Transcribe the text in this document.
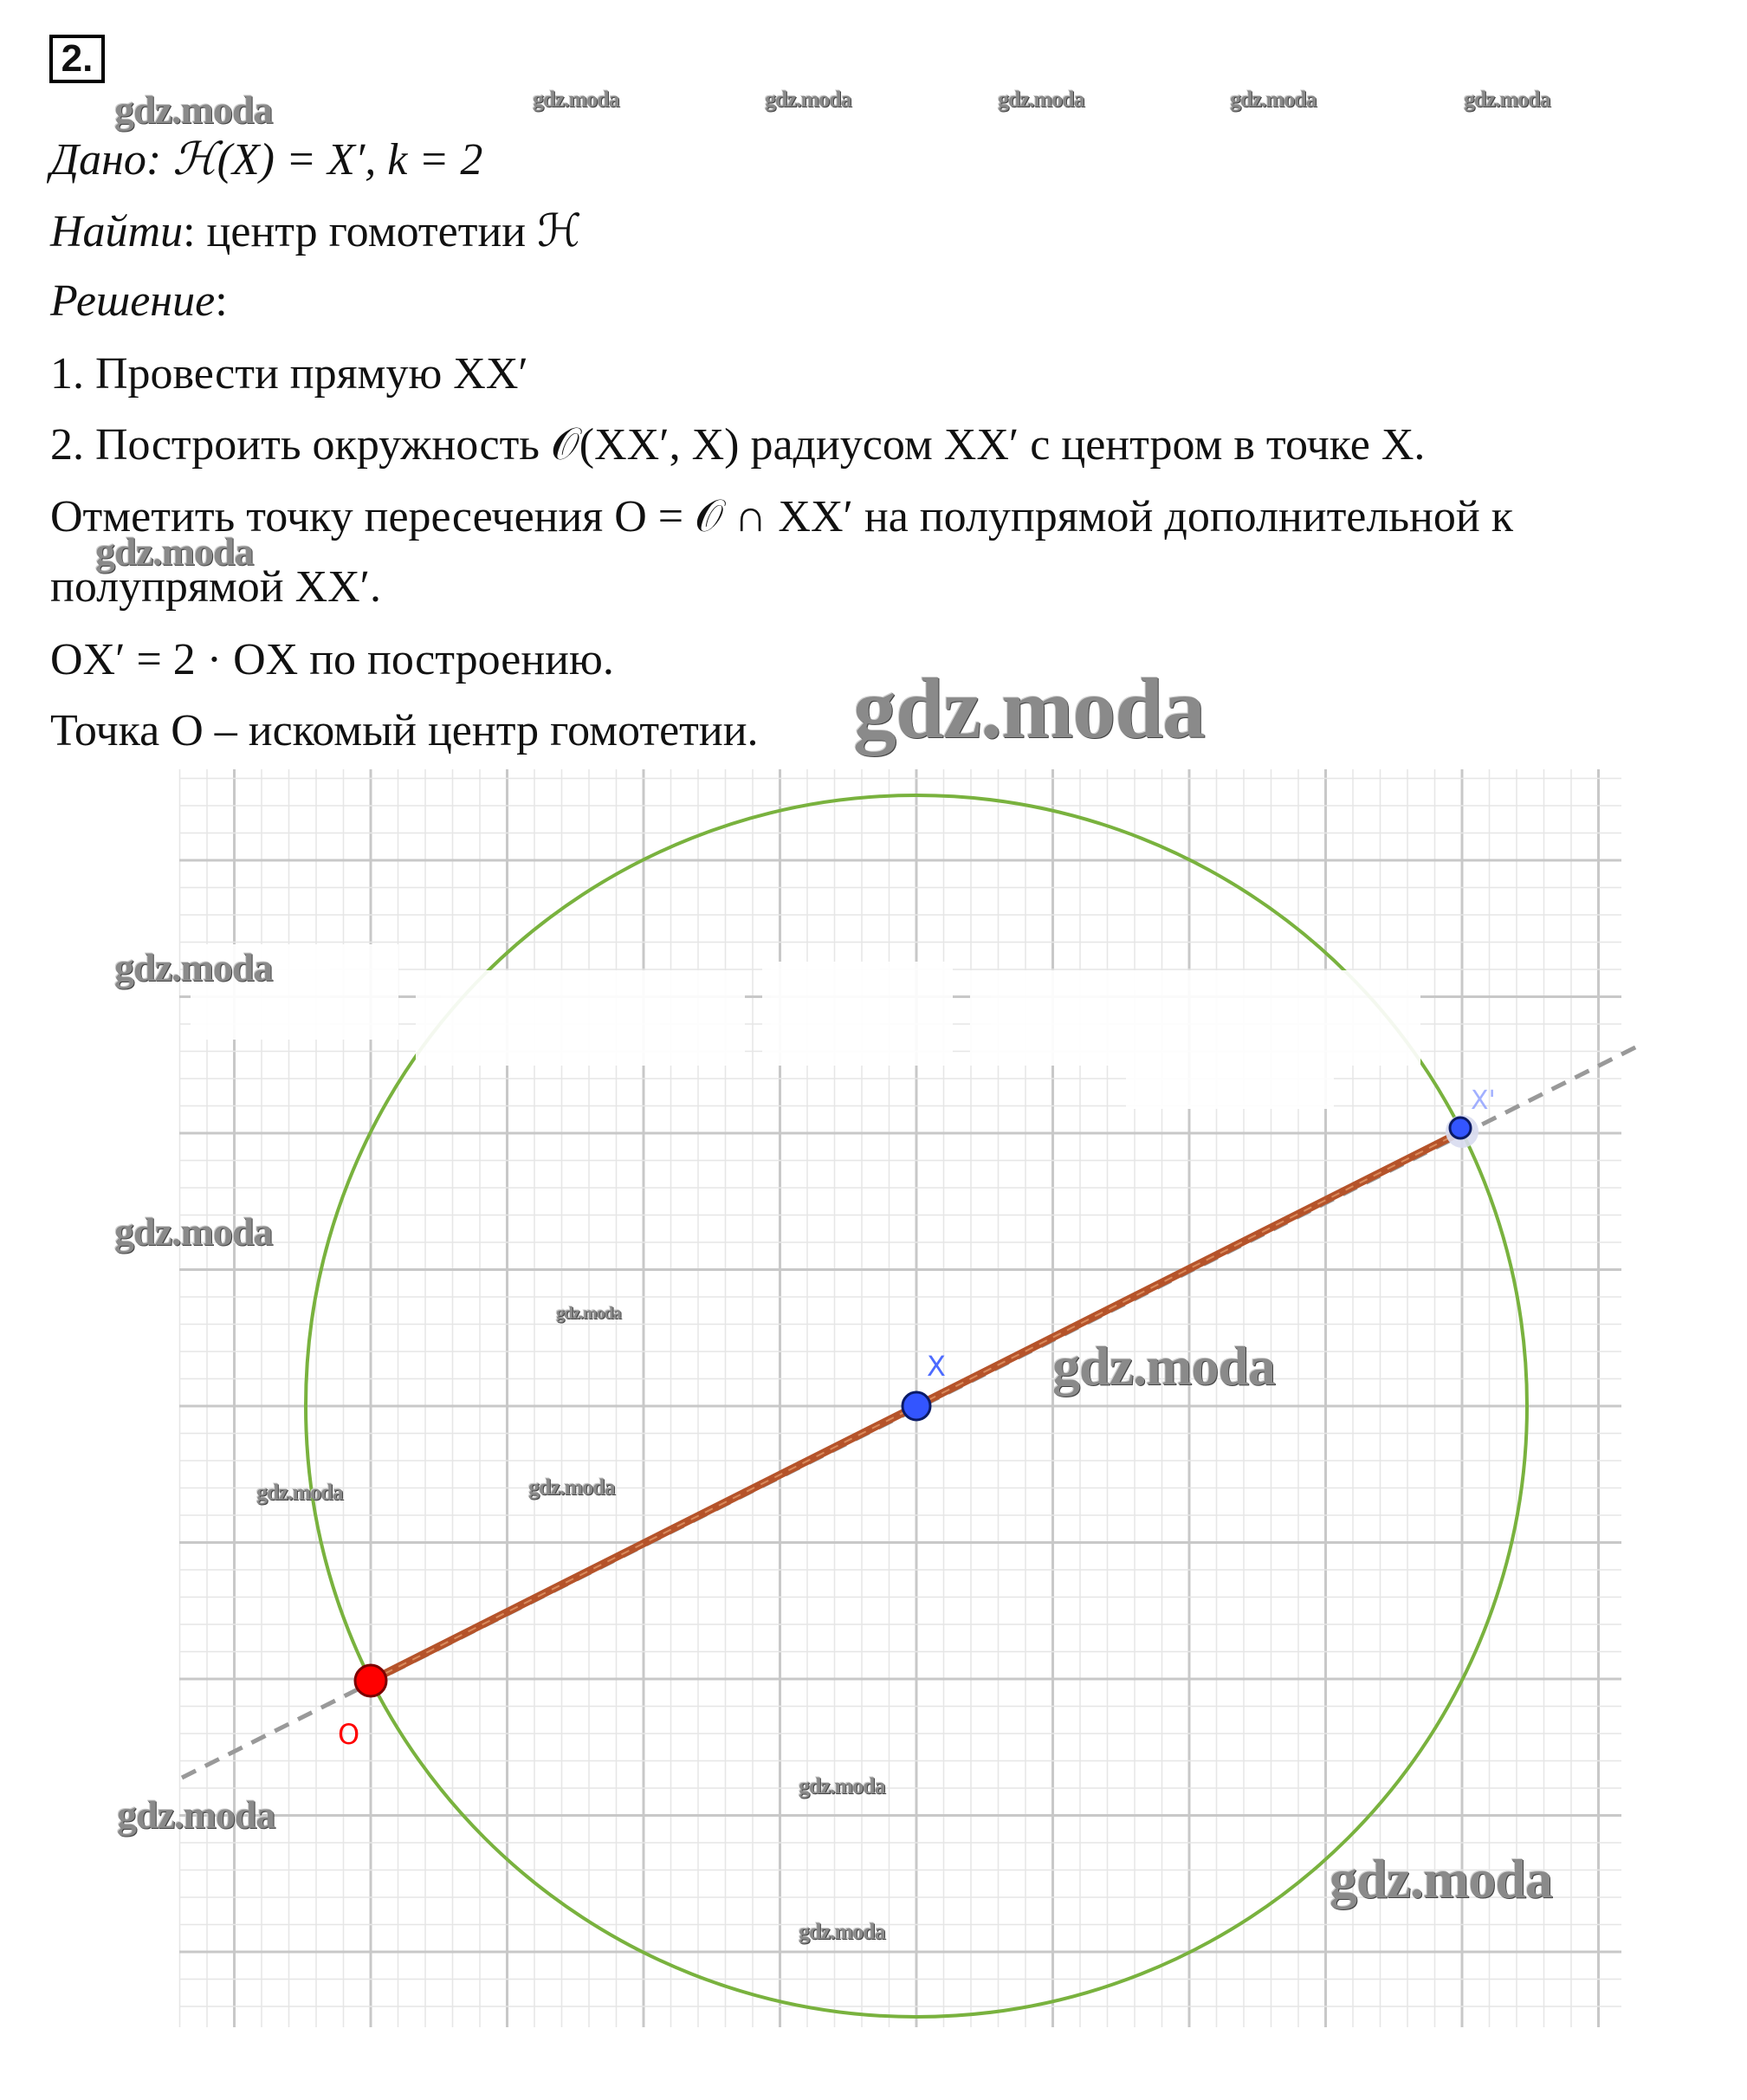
O
X
X'
2.
Дано: ℋ(X) = X′, k = 2
Найти: центр гомотетии ℋ
Решение:
1. Провести прямую XX′
2. Построить окружность 𝒪(XX′, X) радиусом XX′ с центром в точке X.
Отметить точку пересечения O = 𝒪 ∩ XX′ на полупрямой дополнительной к
полупрямой XX′.
OX′ = 2 · OX по построению.
Точка O – искомый центр гомотетии.
gdz.moda	gdz.moda	gdz.moda	gdz.moda	gdz.moda	gdz.moda
gdz.moda
gdz.moda
gdz.moda
gdz.moda
gdz.moda
gdz.moda
gdz.moda	gdz.moda
gdz.moda
gdz.moda
gdz.moda
gdz.moda
